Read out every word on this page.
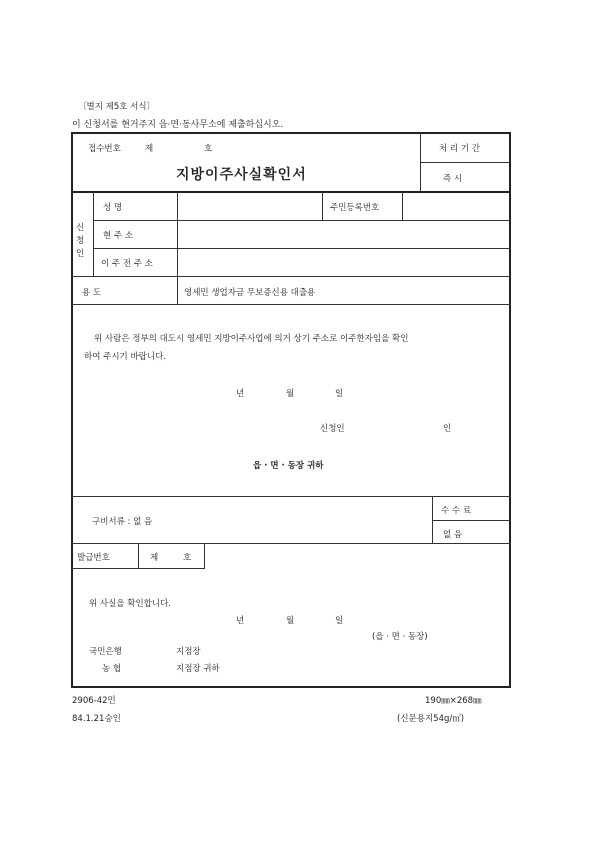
〔별지 제5호 서식〕
이 신청서를 현거주지 읍·면·동사무소에 제출하십시오.
접수번호	제	호
지방이주사실확인서
처 리 기 간
즉 시
신청인
성 명	주민등록번호
현 주 소
이 주 전 주 소
용 도	영세민 생업자금 무보증신용 대출용
위 사람은 정부의 대도시 영세민 지방이주사업에 의거 상기 주소로 이주한자임을 확인
하여 주시기 바랍니다.
년	월	일
신청인	인
읍 · 면 · 동장 귀하
구비서류 : 없 음
수 수 료
없 음
발급번호	제	호
위 사실을 확인합니다.
년	월	일
(읍 · 면 · 동장)
국민은행	지점장
농 협	지점장 귀하
2906-42민
84.1.21승인
190㎜×268㎜
(신문용지54g/㎡)
